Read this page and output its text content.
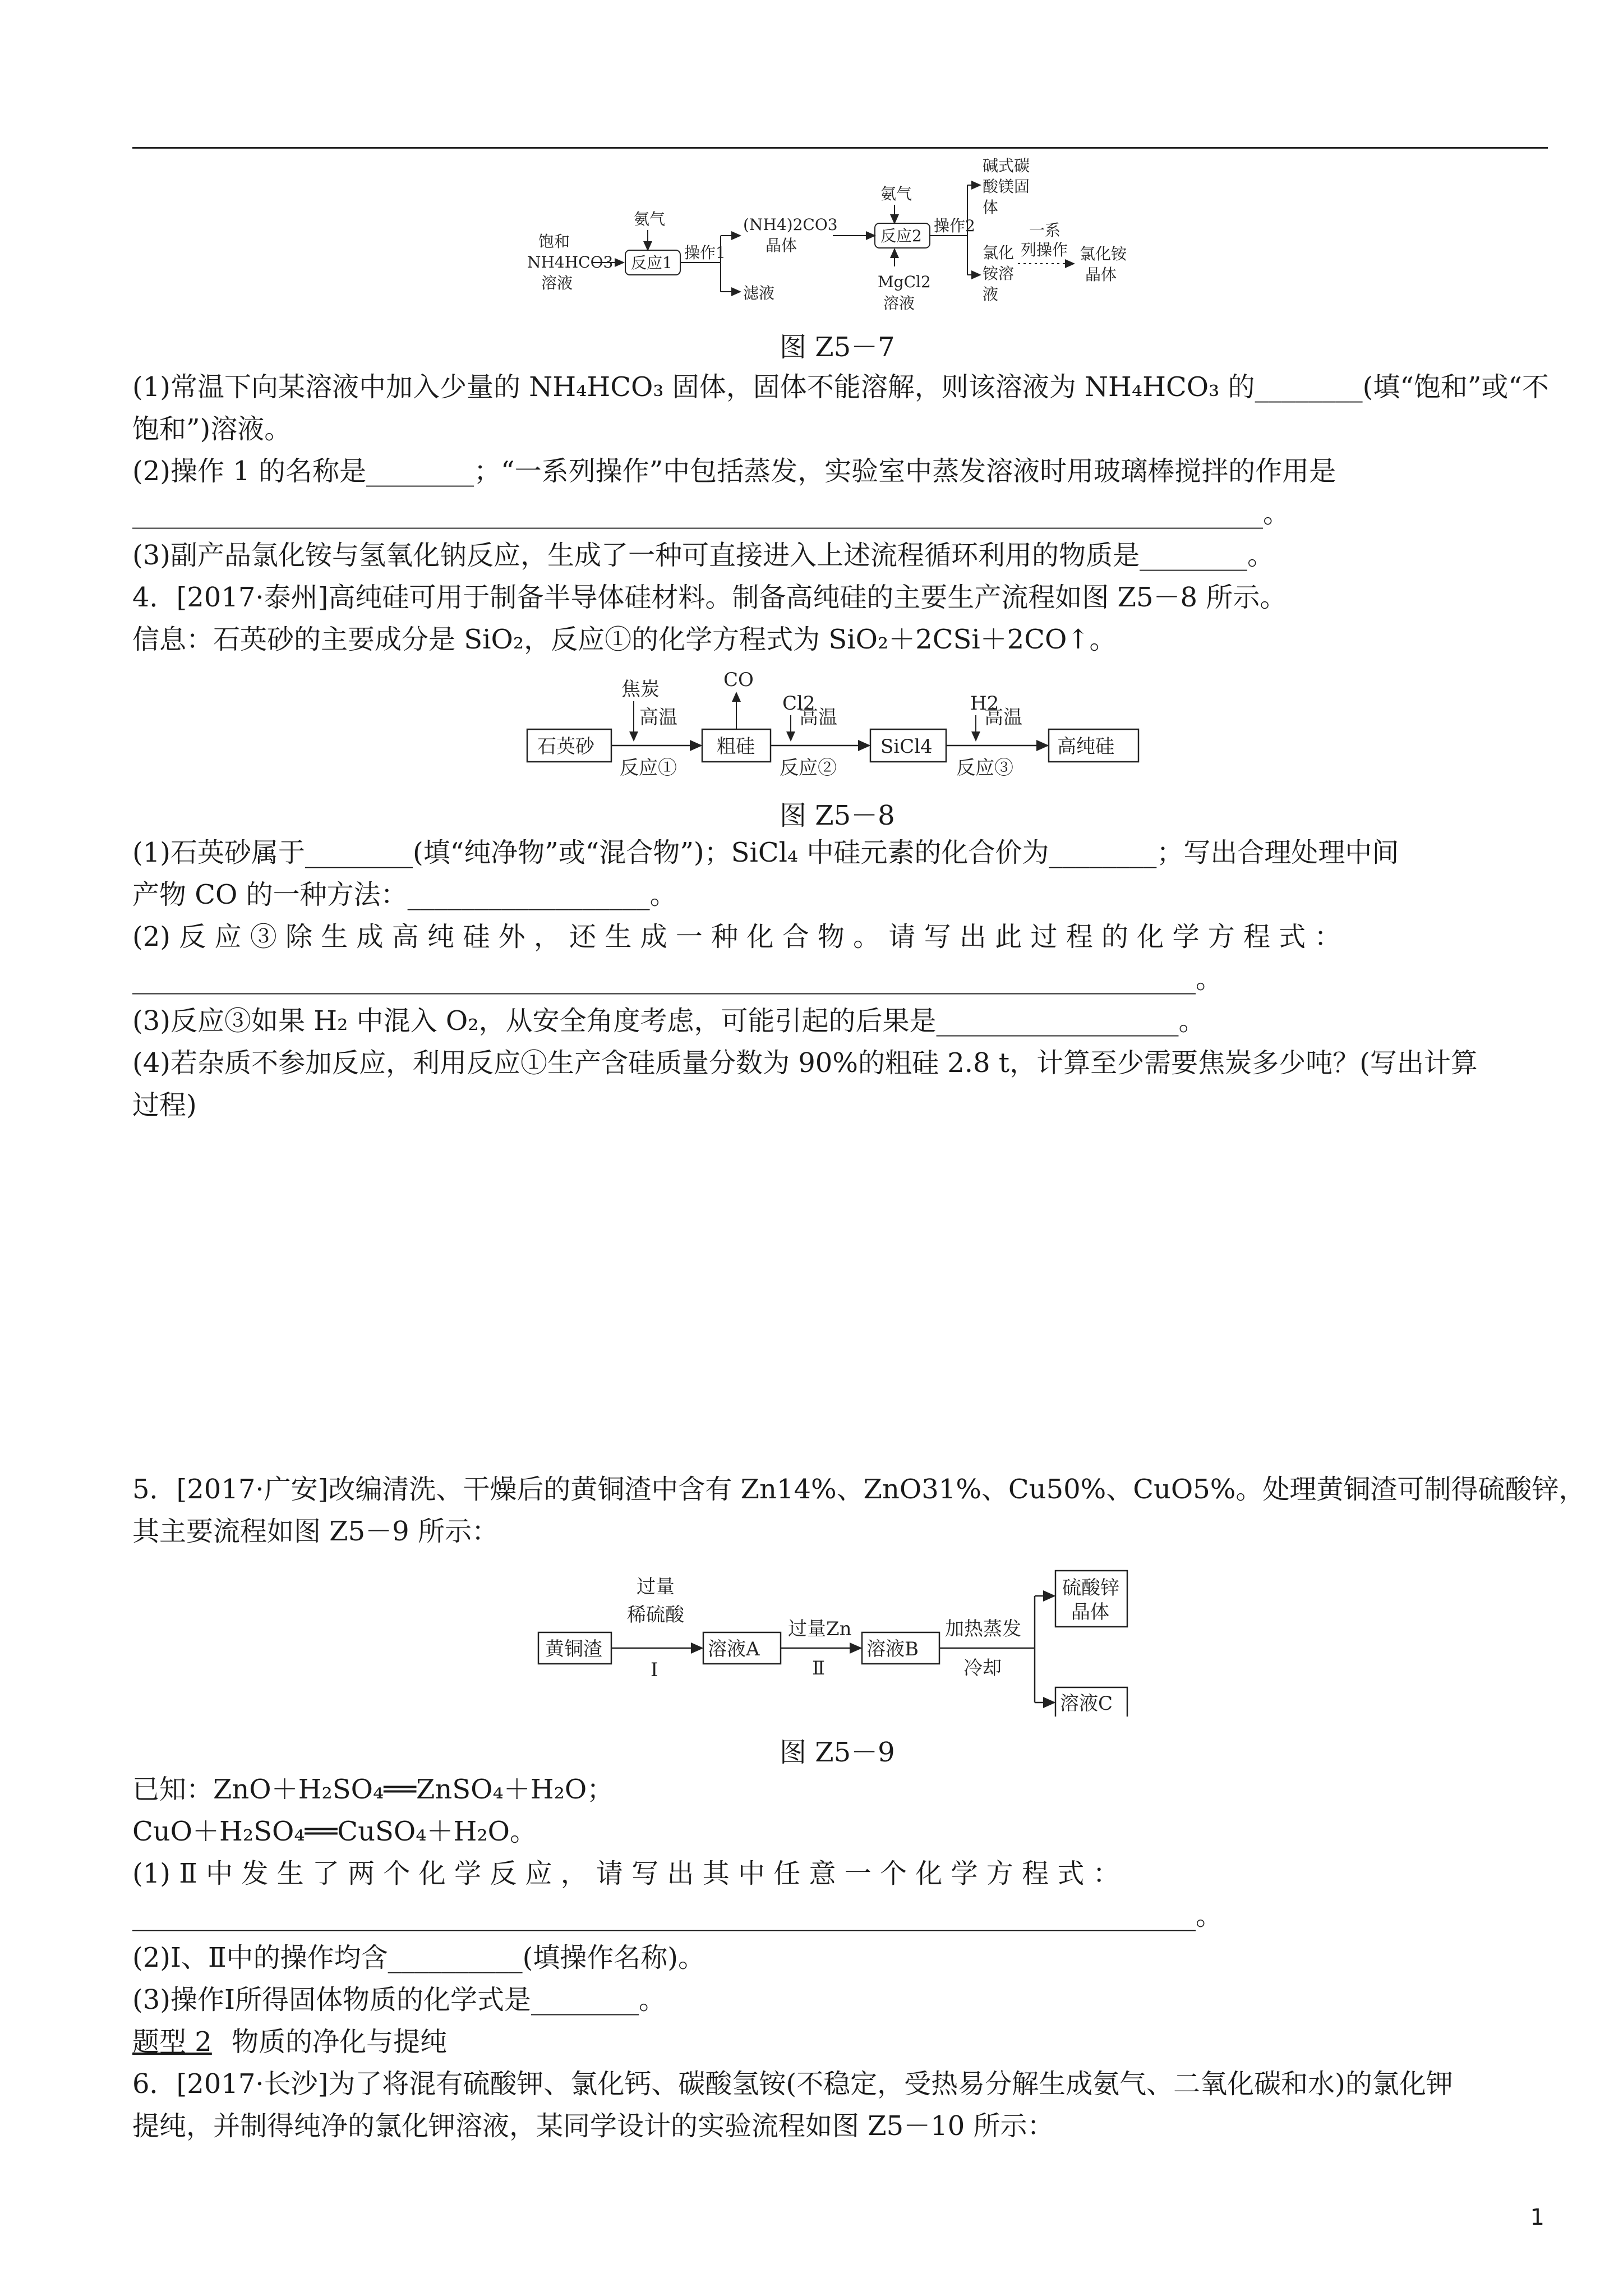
饱和
NH4HCO3
溶液
氨气
反应1
操作1
(NH4)2CO3
晶体
滤液
氨气
反应2
MgCl2
溶液
操作2
碱式碳
酸镁固
体
氯化
铵溶
液
一系
列操作 氯化铵
晶体
图 Z5－7
(1)常温下向某溶液中加入少量的 NH₄HCO₃ 固体，固体不能溶解，则该溶液为 NH₄HCO₃ 的________(填“饱和”或“不
饱和”)溶液。
(2)操作 1 的名称是________；“一系列操作”中包括蒸发，实验室中蒸发溶液时用玻璃棒搅拌的作用是
____________________________________________________________________________________。
(3)副产品氯化铵与氢氧化钠反应，生成了一种可直接进入上述流程循环利用的物质是________。
4．[2017·泰州]高纯硅可用于制备半导体硅材料。制备高纯硅的主要生产流程如图 Z5－8 所示。
信息：石英砂的主要成分是 SiO₂，反应①的化学方程式为 SiO₂＋2CSi＋2CO↑。
石英砂
焦炭
高温
反应①
粗硅
CO
Cl2
高温
反应②
SiCl4
H2
高温
反应③
高纯硅
图 Z5－8
(1)石英砂属于________(填“纯净物”或“混合物”)；SiCl₄ 中硅元素的化合价为________；写出合理处理中间
产物 CO 的一种方法：__________________。
(2) 反 应 ③ 除 生 成 高 纯 硅 外 ， 还 生 成 一 种 化 合 物 。 请 写 出 此 过 程 的 化 学 方 程 式 ：
_______________________________________________________________________________。
(3)反应③如果 H₂ 中混入 O₂，从安全角度考虑，可能引起的后果是__________________。
(4)若杂质不参加反应，利用反应①生产含硅质量分数为 90%的粗硅 2.8 t，计算至少需要焦炭多少吨？(写出计算
过程)
5．[2017·广安]改编清洗、干燥后的黄铜渣中含有 Zn14%、ZnO31%、Cu50%、CuO5%。处理黄铜渣可制得硫酸锌，
其主要流程如图 Z5－9 所示：
黄铜渣
过量
稀硫酸
Ⅰ
溶液A
过量Zn
Ⅱ
溶液B
加热蒸发
冷却
硫酸锌
晶体
溶液C
图 Z5－9
已知：ZnO＋H₂SO₄══ZnSO₄＋H₂O；
CuO＋H₂SO₄══CuSO₄＋H₂O。
(1) Ⅱ 中 发 生 了 两 个 化 学 反 应 ， 请 写 出 其 中 任 意 一 个 化 学 方 程 式 ：
_______________________________________________________________________________。
(2)Ⅰ、Ⅱ中的操作均含__________(填操作名称)。
(3)操作Ⅰ所得固体物质的化学式是________。
题型 2 物质的净化与提纯
6．[2017·长沙]为了将混有硫酸钾、氯化钙、碳酸氢铵(不稳定，受热易分解生成氨气、二氧化碳和水)的氯化钾
提纯，并制得纯净的氯化钾溶液，某同学设计的实验流程如图 Z5－10 所示：
1
